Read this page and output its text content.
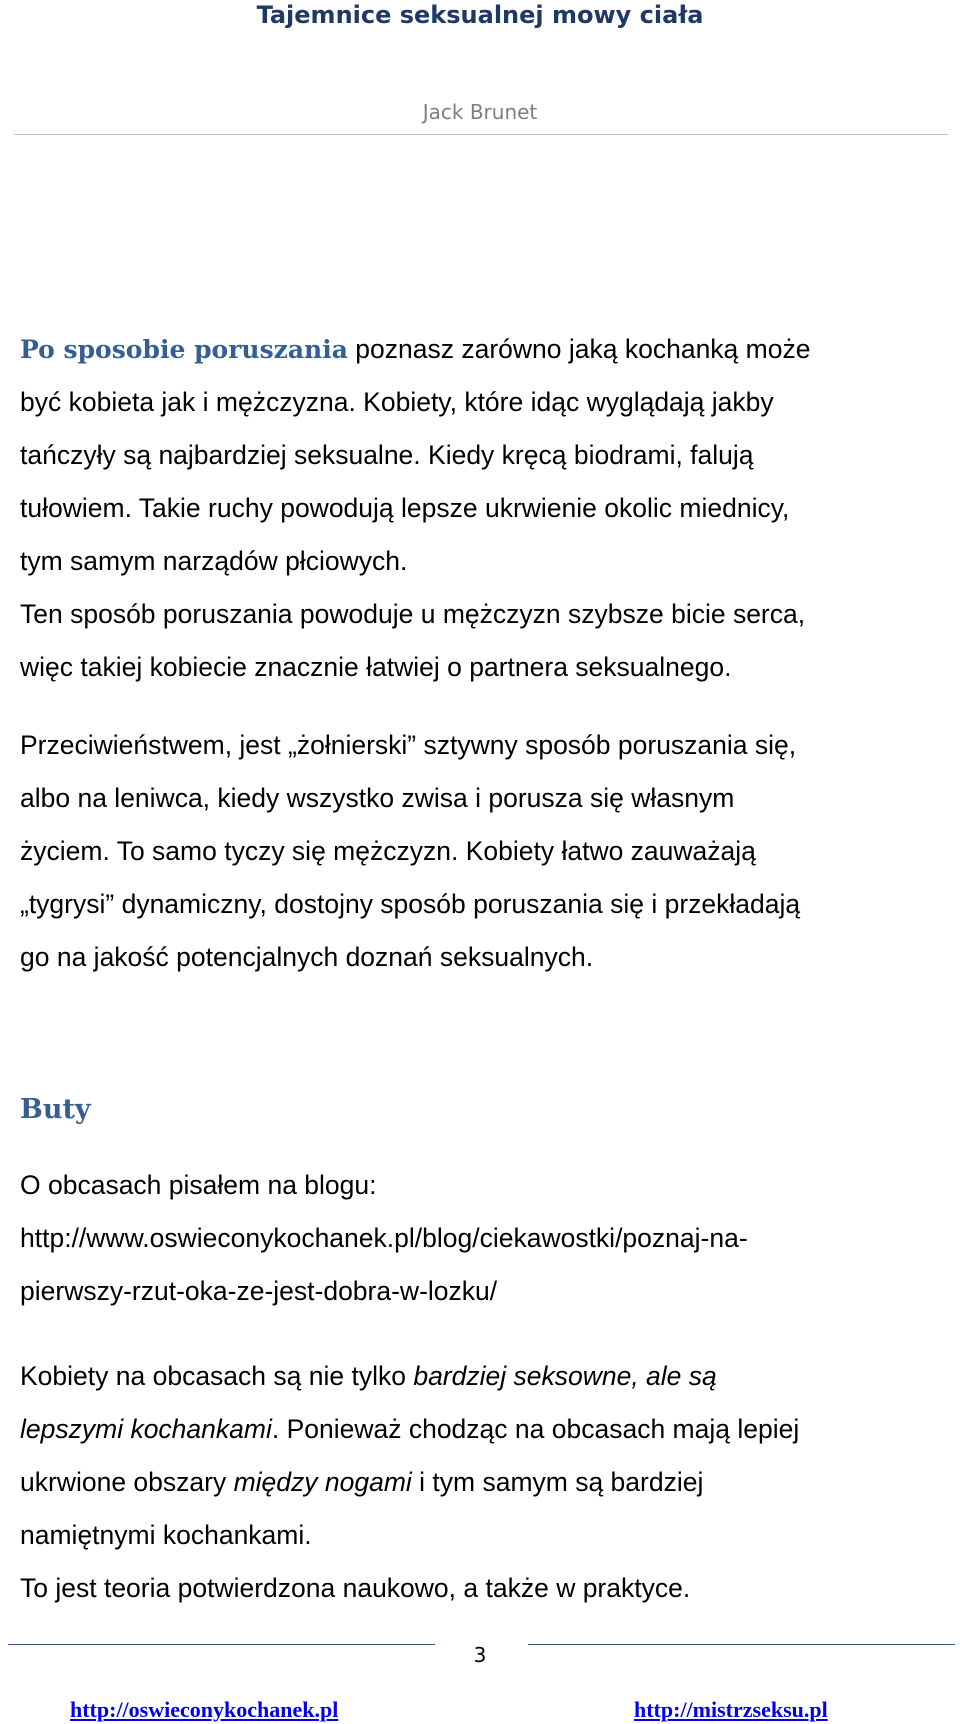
Tajemnice seksualnej mowy ciała
Jack Brunet

Po sposobie poruszania poznasz zarówno jaką kochanką może
być kobieta jak i mężczyzna. Kobiety, które idąc wyglądają jakby
tańczyły są najbardziej seksualne. Kiedy kręcą biodrami, falują
tułowiem. Takie ruchy powodują lepsze ukrwienie okolic miednicy,
tym samym narządów płciowych.
Ten sposób poruszania powoduje u mężczyzn szybsze bicie serca,
więc takiej kobiecie znacznie łatwiej o partnera seksualnego.

Przeciwieństwem, jest „żołnierski” sztywny sposób poruszania się,
albo na leniwca, kiedy wszystko zwisa i porusza się własnym
życiem. To samo tyczy się mężczyzn. Kobiety łatwo zauważają
„tygrysi” dynamiczny, dostojny sposób poruszania się i przekładają
go na jakość potencjalnych doznań seksualnych.
Buty
O obcasach pisałem na blogu:
http://www.oswieconykochanek.pl/blog/ciekawostki/poznaj-na-
pierwszy-rzut-oka-ze-jest-dobra-w-lozku/
Kobiety na obcasach są nie tylko bardziej seksowne, ale są
lepszymi kochankami. Ponieważ chodząc na obcasach mają lepiej
ukrwione obszary między nogami i tym samym są bardziej
namiętnymi kochankami.
To jest teoria potwierdzona naukowo, a także w praktyce.
3
http://oswieconykochanek.pl	http://mistrzseksu.pl
